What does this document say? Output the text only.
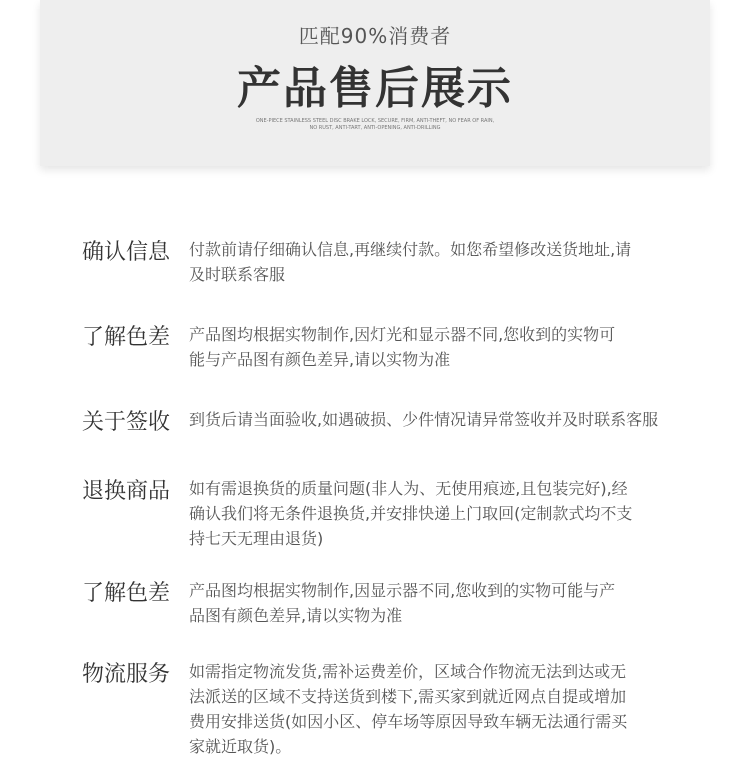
匹配90%消费者
产品售后展示
ONE-PIECE STAINLESS STEEL DISC BRAKE LOCK, SECURE, FIRM, ANTI-THEFT, NO FEAR OF RAIN,
NO RUST, ANTI-TART, ANTI-OPENING, ANTI-DRILLING
确认信息 付款前请仔细确认信息,再继续付款。如您希望修改送货地址,请
及时联系客服
了解色差 产品图均根据实物制作,因灯光和显示器不同,您收到的实物可
能与产品图有颜色差异,请以实物为准
关于签收 到货后请当面验收,如遇破损、少件情况请异常签收并及时联系客服
退换商品 如有需退换货的质量问题(非人为、无使用痕迹,且包装完好),经
确认我们将无条件退换货,并安排快递上门取回(定制款式均不支
持七天无理由退货)
了解色差 产品图均根据实物制作,因显示器不同,您收到的实物可能与产
品图有颜色差异,请以实物为准
物流服务 如需指定物流发货,需补运费差价，区域合作物流无法到达或无
法派送的区域不支持送货到楼下,需买家到就近网点自提或增加
费用安排送货(如因小区、停车场等原因导致车辆无法通行需买
家就近取货)。
